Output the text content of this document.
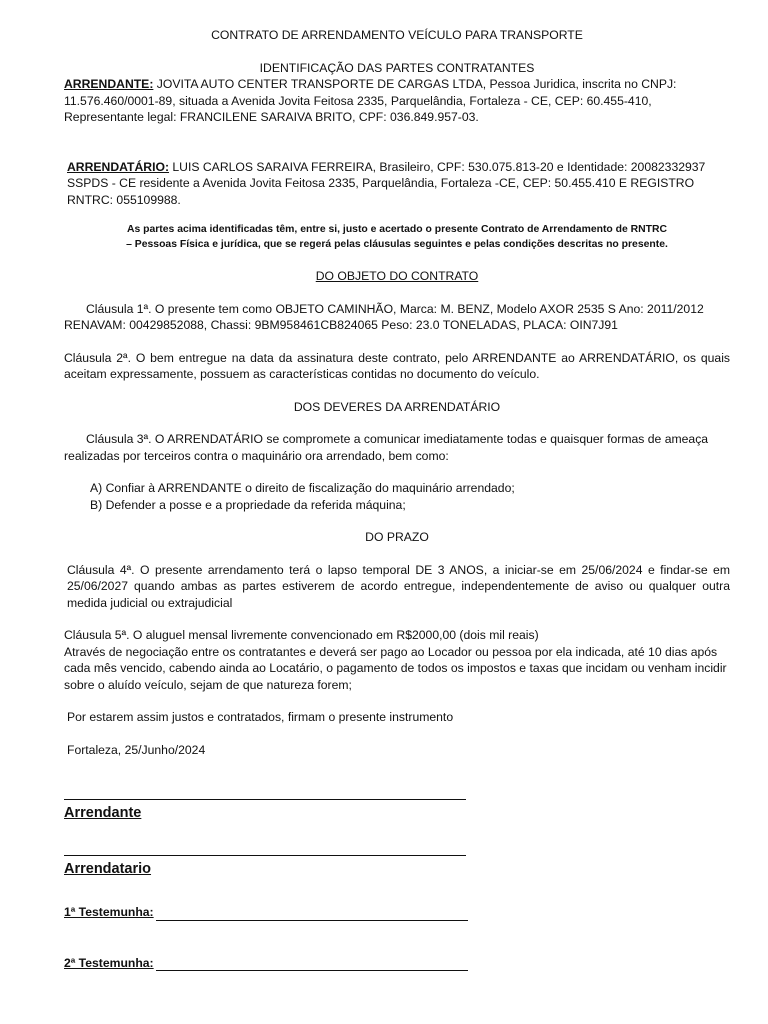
CONTRATO DE ARRENDAMENTO VEÍCULO PARA TRANSPORTE

IDENTIFICAÇÃO DAS PARTES CONTRATANTES

ARRENDANTE: JOVITA AUTO CENTER TRANSPORTE DE CARGAS LTDA, Pessoa Juridica, inscrita no CNPJ: 11.576.460/0001-89, situada a Avenida Jovita Feitosa 2335, Parquelândia, Fortaleza - CE, CEP: 60.455-410, Representante legal: FRANCILENE SARAIVA BRITO, CPF: 036.849.957-03.

ARRENDATÁRIO: LUIS CARLOS SARAIVA FERREIRA, Brasileiro, CPF: 530.075.813-20 e Identidade: 20082332937 SSPDS - CE residente a Avenida Jovita Feitosa 2335, Parquelândia, Fortaleza -CE, CEP: 50.455.410 E REGISTRO RNTRC: 055109988.

As partes acima identificadas têm, entre si, justo e acertado o presente Contrato de Arrendamento de RNTRC

– Pessoas Física e jurídica, que se regerá pelas cláusulas seguintes e pelas condições descritas no presente.

DO OBJETO DO CONTRATO

Cláusula 1ª. O presente tem como OBJETO CAMINHÃO, Marca: M. BENZ, Modelo AXOR 2535 S Ano: 2011/2012 RENAVAM: 00429852088, Chassi: 9BM958461CB824065 Peso: 23.0 TONELADAS, PLACA: OIN7J91

Cláusula 2ª. O bem entregue na data da assinatura deste contrato, pelo ARRENDANTE ao ARRENDATÁRIO, os quais aceitam expressamente, possuem as características contidas no documento do veículo.

DOS DEVERES DA ARRENDATÁRIO

Cláusula 3ª. O ARRENDATÁRIO se compromete a comunicar imediatamente todas e quaisquer formas de ameaça realizadas por terceiros contra o maquinário ora arrendado, bem como:

A) Confiar à ARRENDANTE o direito de fiscalização do maquinário arrendado;
B) Defender a posse e a propriedade da referida máquina;

DO PRAZO

Cláusula 4ª. O presente arrendamento terá o lapso temporal DE 3 ANOS, a iniciar-se em 25/06/2024 e findar-se em 25/06/2027 quando ambas as partes estiverem de acordo entregue, independentemente de aviso ou qualquer outra medida judicial ou extrajudicial

Cláusula 5ª. O aluguel mensal livremente convencionado em R$2000,00 (dois mil reais)

Através de negociação entre os contratantes e deverá ser pago ao Locador ou pessoa por ela indicada, até 10 dias após cada mês vencido, cabendo ainda ao Locatário, o pagamento de todos os impostos e taxas que incidam ou venham incidir sobre o aluído veículo, sejam de que natureza forem;

Por estarem assim justos e contratados, firmam o presente instrumento

Fortaleza, 25/Junho/2024

Arrendante

Arrendatario

1ª Testemunha:
2ª Testemunha:
